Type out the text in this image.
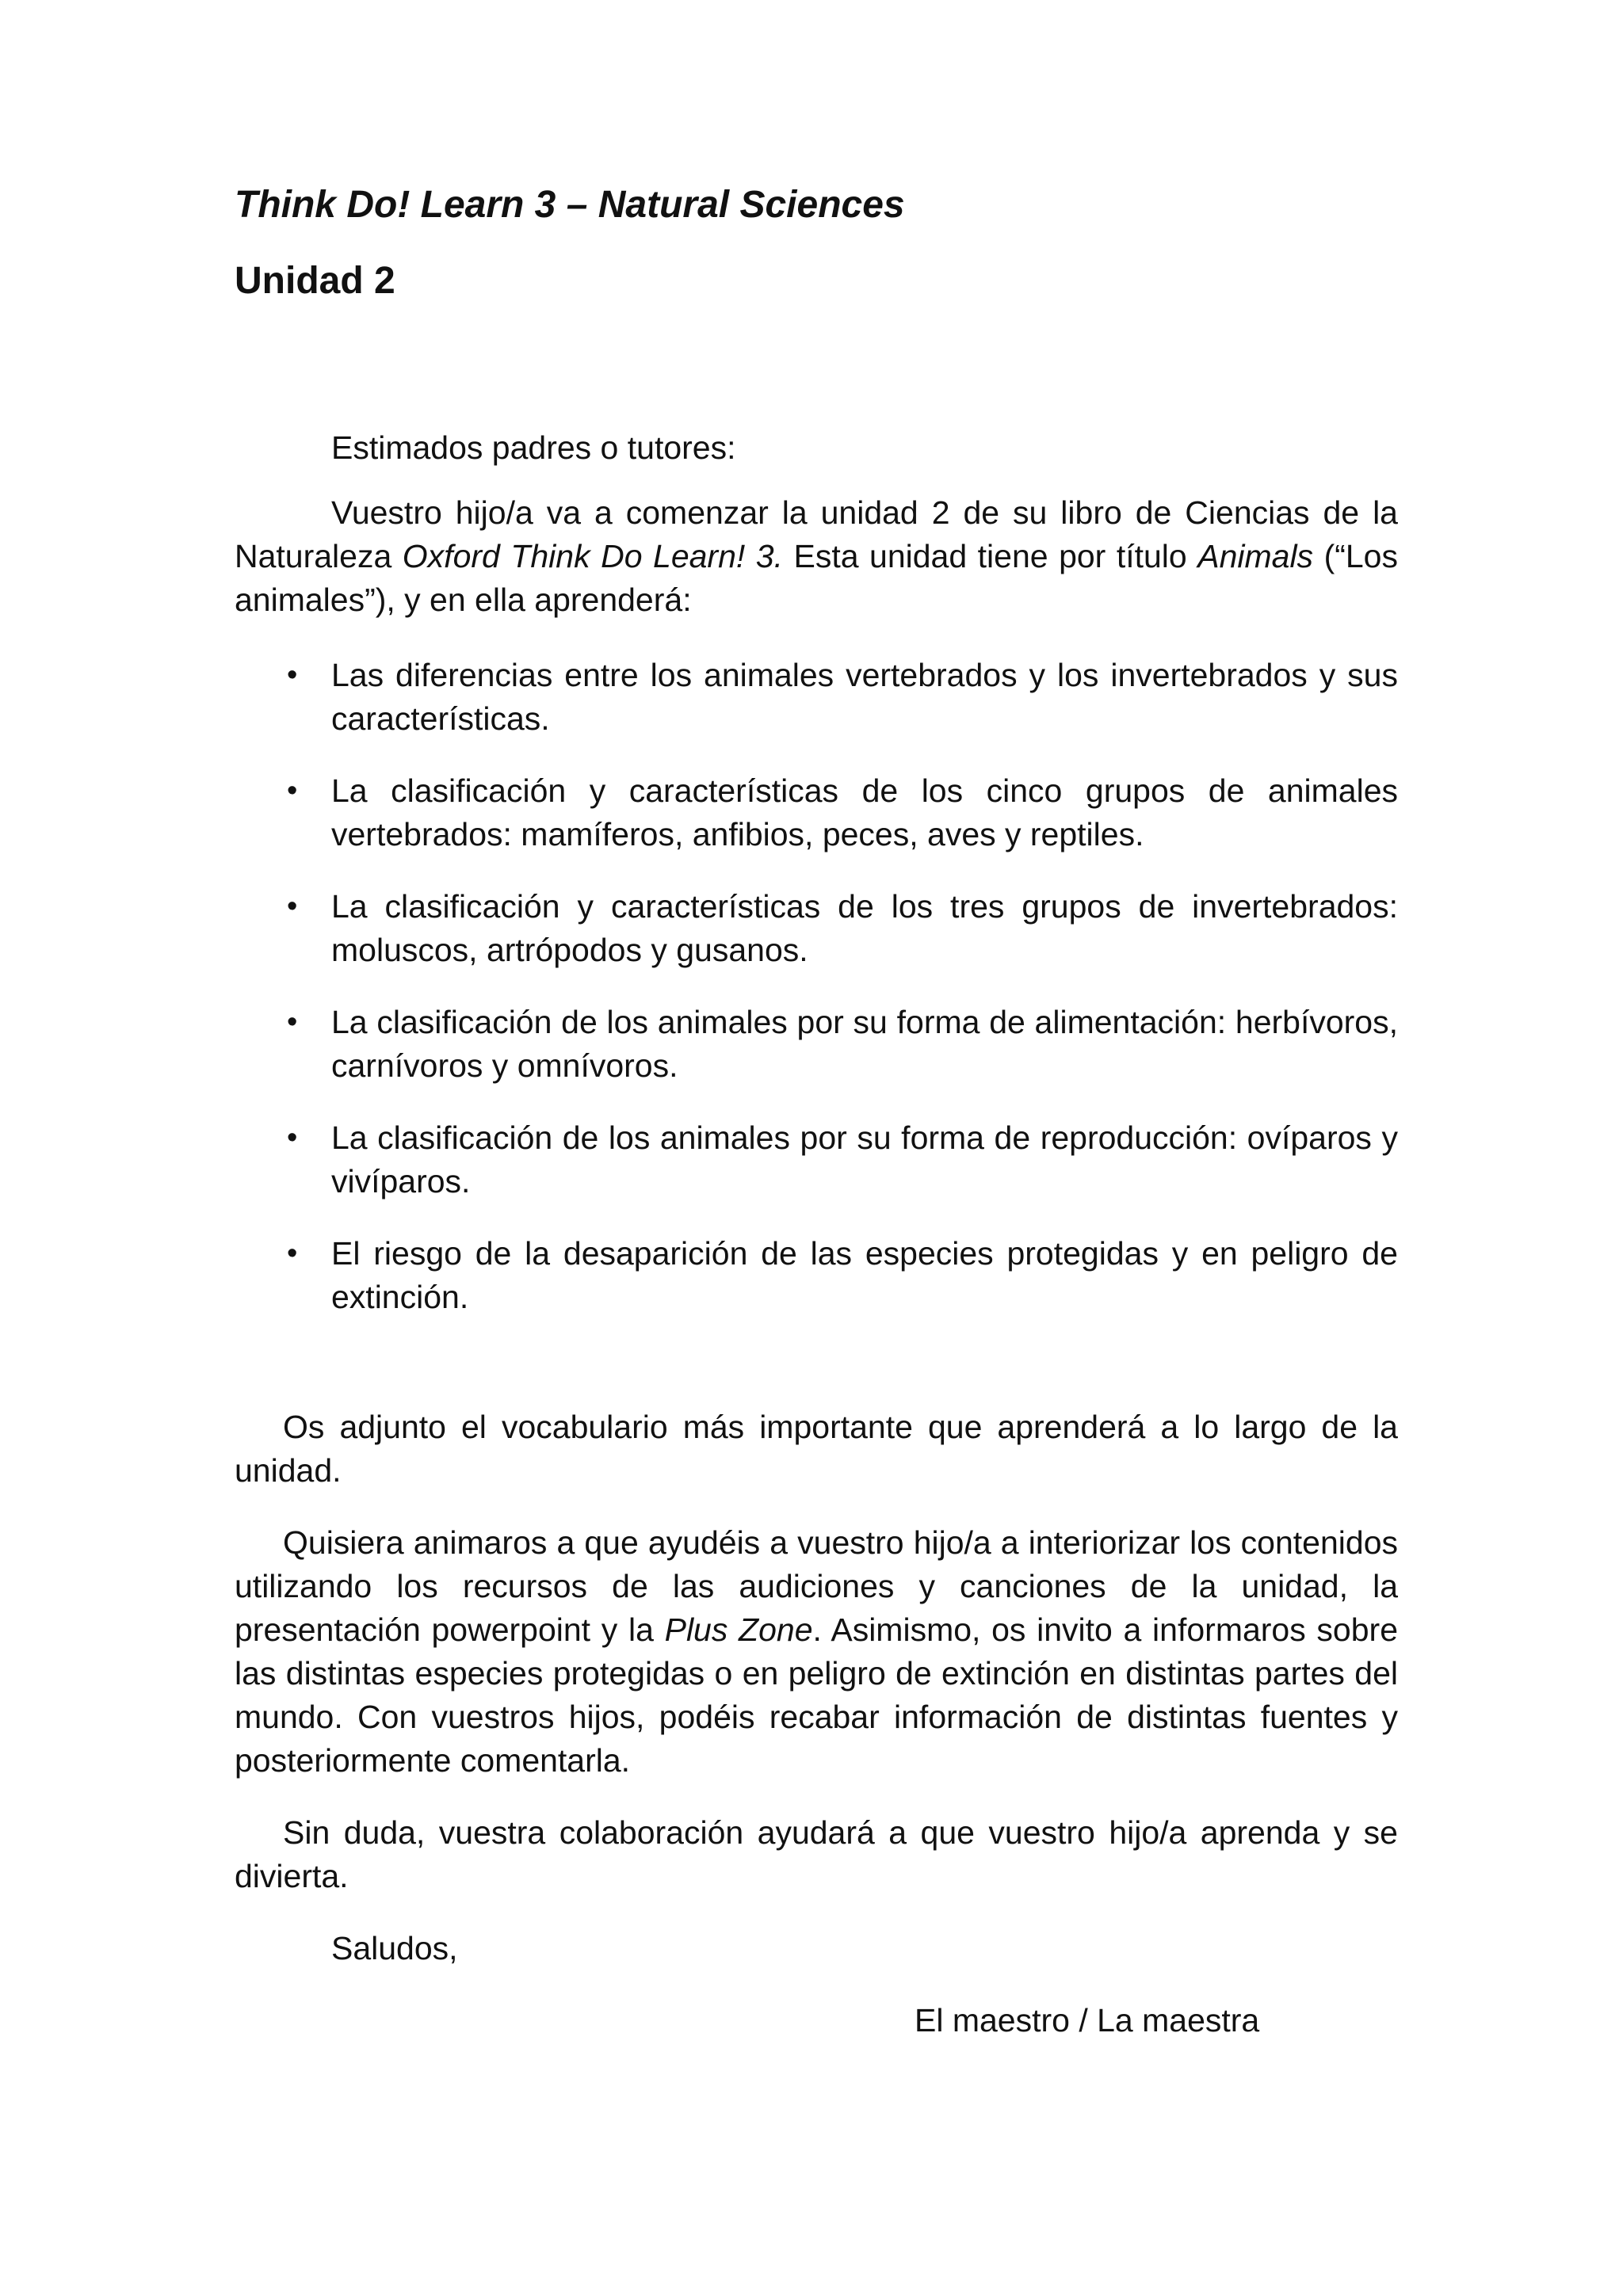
Think Do! Learn 3 – Natural Sciences
Unidad 2

Estimados padres o tutores:

Vuestro hijo/a va a comenzar la unidad 2 de su libro de Ciencias de la Naturaleza Oxford Think Do Learn! 3. Esta unidad tiene por título Animals (“Los animales”), y en ella aprenderá:

• Las diferencias entre los animales vertebrados y los invertebrados y sus características.
• La clasificación y características de los cinco grupos de animales vertebrados: mamíferos, anfibios, peces, aves y reptiles.
• La clasificación y características de los tres grupos de invertebrados: moluscos, artrópodos y gusanos.
• La clasificación de los animales por su forma de alimentación: herbívoros, carnívoros y omnívoros.
• La clasificación de los animales por su forma de reproducción: ovíparos y vivíparos.
• El riesgo de la desaparición de las especies protegidas y en peligro de extinción.

Os adjunto el vocabulario más importante que aprenderá a lo largo de la unidad.

Quisiera animaros a que ayudéis a vuestro hijo/a a interiorizar los contenidos utilizando los recursos de las audiciones y canciones de la unidad, la presentación powerpoint y la Plus Zone. Asimismo, os invito a informaros sobre las distintas especies protegidas o en peligro de extinción en distintas partes del mundo. Con vuestros hijos, podéis recabar información de distintas fuentes y posteriormente comentarla.

Sin duda, vuestra colaboración ayudará a que vuestro hijo/a aprenda y se divierta.

Saludos,

El maestro / La maestra
